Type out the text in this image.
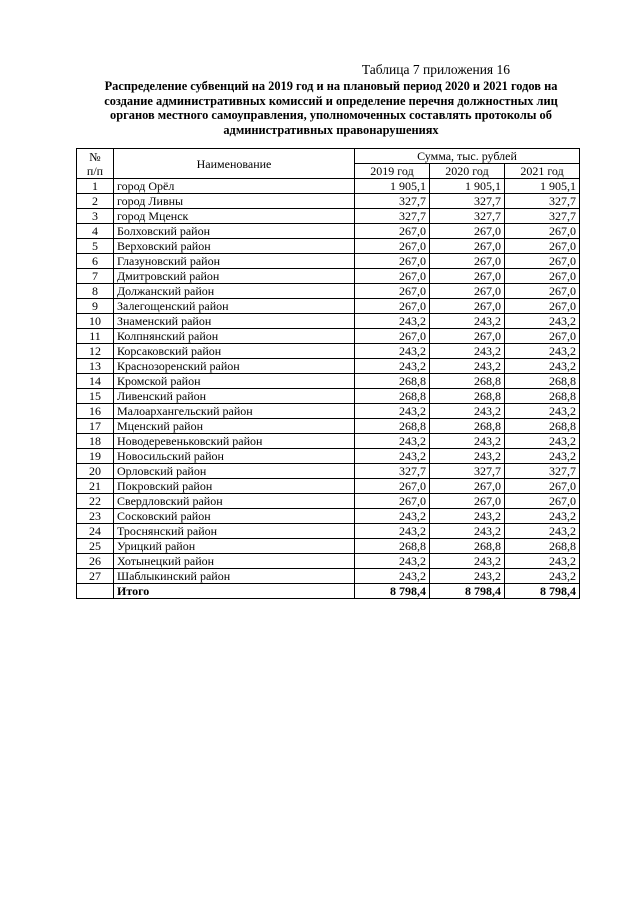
Таблица 7 приложения 16
Распределение субвенций на 2019 год и на плановый период 2020 и 2021 годов на создание административных комиссий и определение перечня должностных лиц органов местного самоуправления, уполномоченных составлять протоколы об административных правонарушениях
№
п/п	Наименование	Сумма, тыс. рублей		
		2019 год	2020 год	2021 год
1	город Орёл	1 905,1	1 905,1	1 905,1
2	город Ливны	327,7	327,7	327,7
3	город Мценск	327,7	327,7	327,7
4	Болховский район	267,0	267,0	267,0
5	Верховский район	267,0	267,0	267,0
6	Глазуновский район	267,0	267,0	267,0
7	Дмитровский район	267,0	267,0	267,0
8	Должанский район	267,0	267,0	267,0
9	Залегощенский район	267,0	267,0	267,0
10	Знаменский район	243,2	243,2	243,2
11	Колпнянский район	267,0	267,0	267,0
12	Корсаковский район	243,2	243,2	243,2
13	Краснозоренский район	243,2	243,2	243,2
14	Кромской район	268,8	268,8	268,8
15	Ливенский район	268,8	268,8	268,8
16	Малоархангельский район	243,2	243,2	243,2
17	Мценский район	268,8	268,8	268,8
18	Новодеревеньковский район	243,2	243,2	243,2
19	Новосильский район	243,2	243,2	243,2
20	Орловский район	327,7	327,7	327,7
21	Покровский район	267,0	267,0	267,0
22	Свердловский район	267,0	267,0	267,0
23	Сосковский район	243,2	243,2	243,2
24	Троснянский район	243,2	243,2	243,2
25	Урицкий район	268,8	268,8	268,8
26	Хотынецкий район	243,2	243,2	243,2
27	Шаблыкинский район	243,2	243,2	243,2
	Итого	8 798,4	8 798,4	8 798,4
